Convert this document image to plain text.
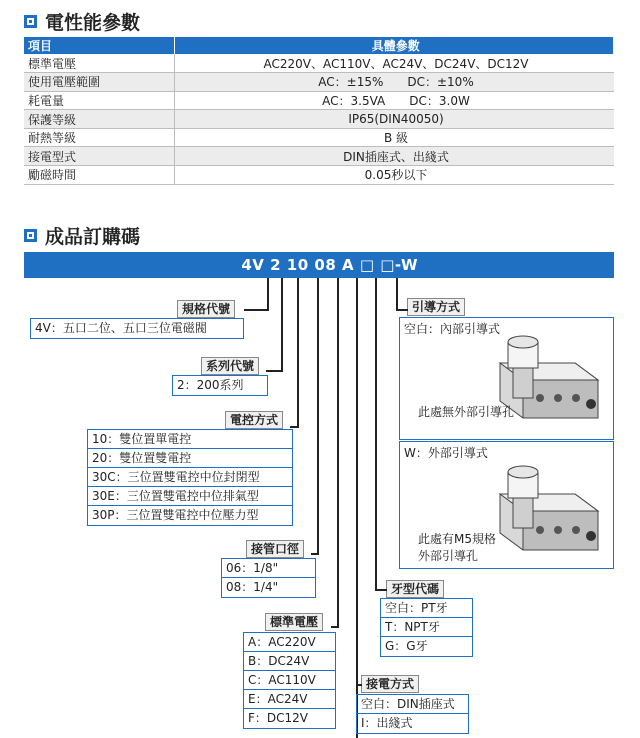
電性能參數
項目	具體參數
標準電壓	AC220V、AC110V、AC24V、DC24V、DC12V
使用電壓範圍	AC：±15%　　DC：±10%
耗電量	AC：3.5VA　　DC：3.0W
保護等級	IP65(DIN40050)
耐熱等級	B 級
接電型式	DIN插座式、出綫式
勵磁時間	0.05秒以下
成品訂購碼
4V 2 10 08 A □ □-W
規格代號
4V：五口二位、五口三位電磁閥
系列代號
2：200系列
電控方式
10：雙位置單電控
20：雙位置雙電控
30C：三位置雙電控中位封閉型
30E：三位置雙電控中位排氣型
30P：三位置雙電控中位壓力型
接管口徑
06：1/8"
08：1/4"
標準電壓
A：AC220V
B：DC24V
C：AC110V
E：AC24V
F：DC12V
接電方式
空白：DIN插座式
I：出綫式
牙型代碼
空白：PT牙
T：NPT牙
G：G牙
引導方式
空白：內部引導式
此處無外部引導孔
W：外部引導式
此處有M5規格
外部引導孔
